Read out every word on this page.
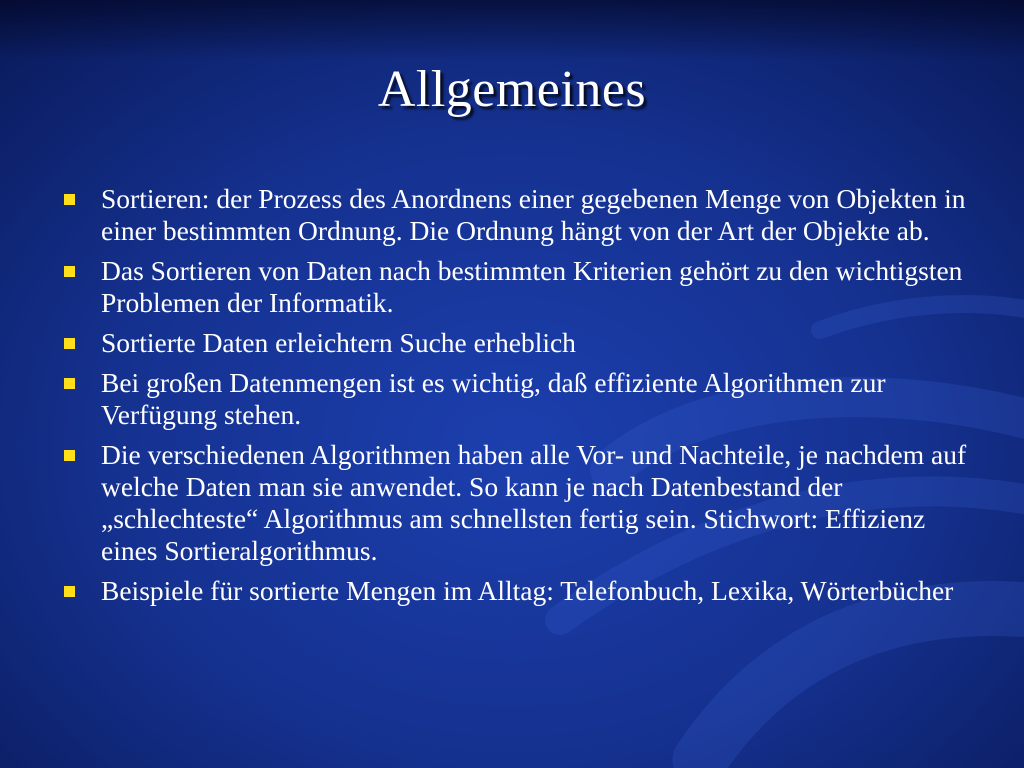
Allgemeines
Sortieren: der Prozess des Anordnens einer gegebenen Menge von Objekten in einer bestimmten Ordnung. Die Ordnung hängt von der Art der Objekte ab.
Das Sortieren von Daten nach bestimmten Kriterien gehört zu den wichtigsten Problemen der Informatik.
Sortierte Daten erleichtern Suche erheblich
Bei großen Datenmengen ist es wichtig, daß effiziente Algorithmen zur Verfügung stehen.
Die verschiedenen Algorithmen haben alle Vor- und Nachteile, je nachdem auf welche Daten man sie anwendet. So kann je nach Datenbestand der „schlechteste“ Algorithmus am schnellsten fertig sein. Stichwort: Effizienz eines Sortieralgorithmus.
Beispiele für sortierte Mengen im Alltag: Telefonbuch, Lexika, Wörterbücher
